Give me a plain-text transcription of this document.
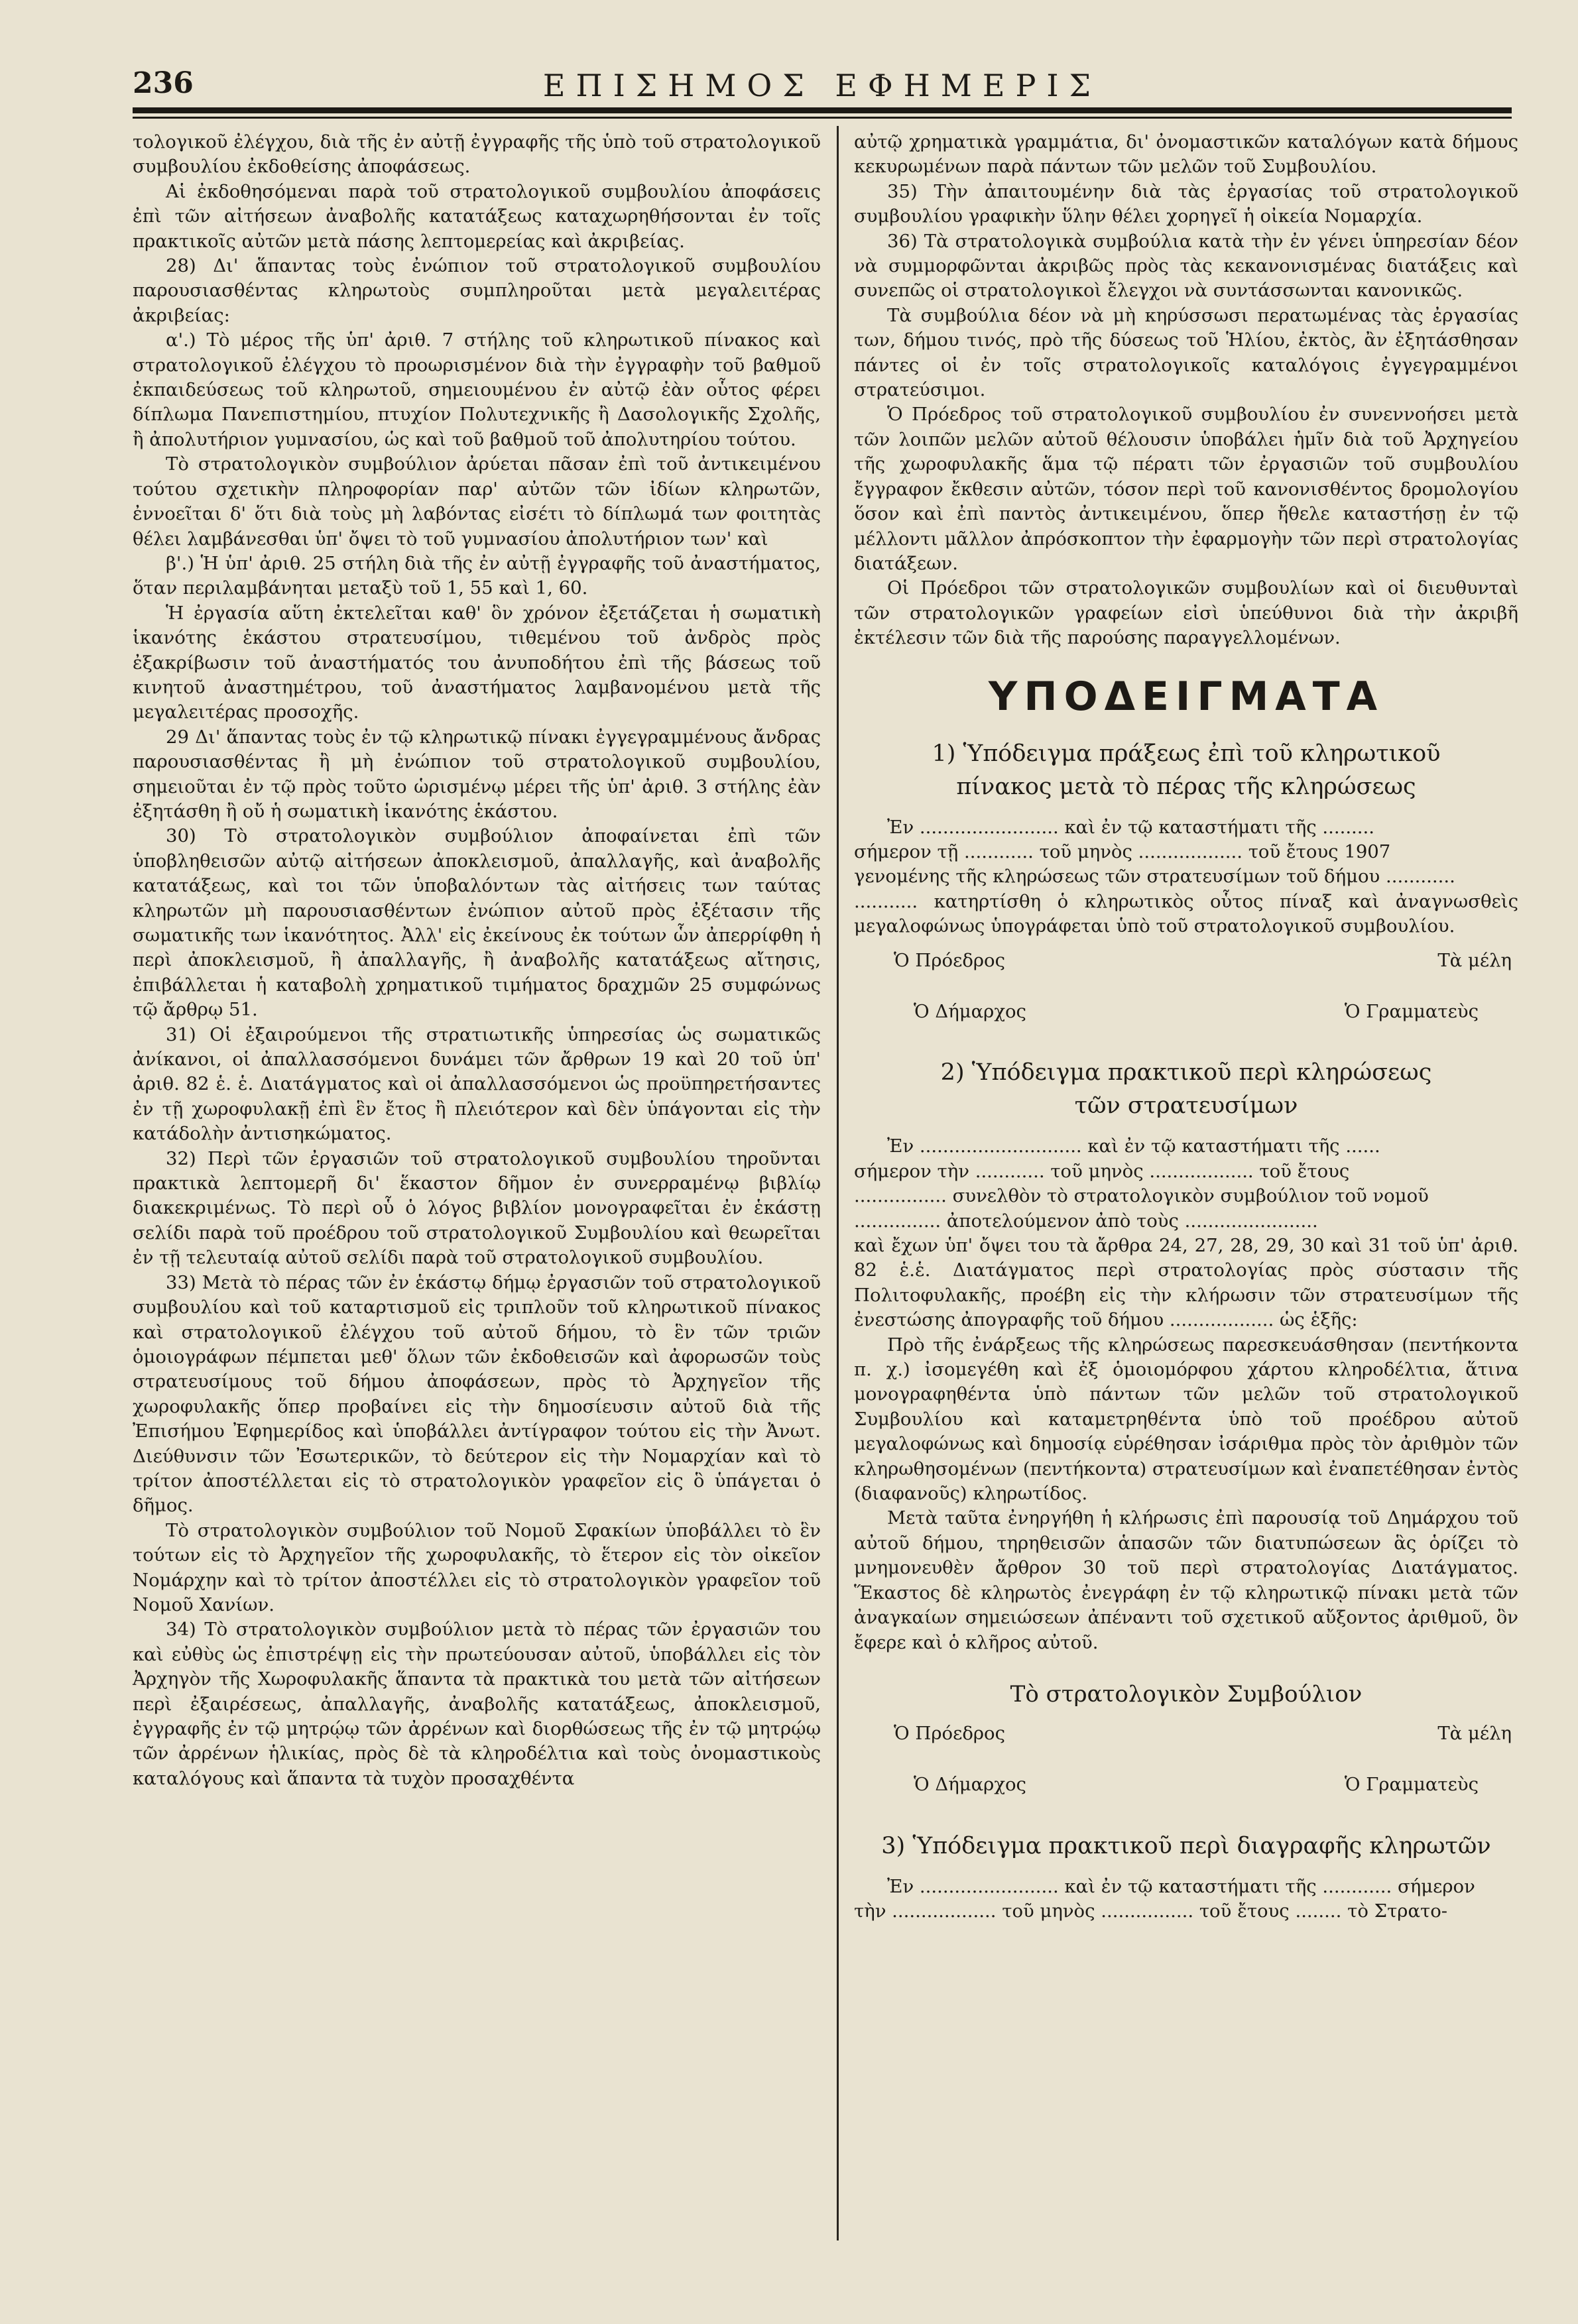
236	ΕΠΙΣΗΜΟΣ ΕΦΗΜΕΡΙΣ

τολογικοῦ ἐλέγχου, διὰ τῆς ἐν αὐτῇ ἐγγραφῆς τῆς ὑπὸ τοῦ στρατολογικοῦ συμβουλίου ἐκδοθείσης ἀποφάσεως.

Αἱ ἐκδοθησόμεναι παρὰ τοῦ στρατολογικοῦ συμβουλίου ἀποφάσεις ἐπὶ τῶν αἰτήσεων ἀναβολῆς κατατάξεως καταχωρηθήσονται ἐν τοῖς πρακτικοῖς αὐτῶν μετὰ πάσης λεπτομερείας καὶ ἀκριβείας.

28) Δι' ἅπαντας τοὺς ἐνώπιον τοῦ στρατολογικοῦ συμβουλίου παρουσιασθέντας κληρωτοὺς συμπληροῦται μετὰ μεγαλειτέρας ἀκριβείας:

α'.) Τὸ μέρος τῆς ὑπ' ἀριθ. 7 στήλης τοῦ κληρωτικοῦ πίνακος καὶ στρατολογικοῦ ἐλέγχου τὸ προωρισμένον διὰ τὴν ἐγγραφὴν τοῦ βαθμοῦ ἐκπαιδεύσεως τοῦ κληρωτοῦ, σημειουμένου ἐν αὐτῷ ἐὰν οὗτος φέρει δίπλωμα Πανεπιστημίου, πτυχίον Πολυτεχνικῆς ἢ Δασολογικῆς Σχολῆς, ἢ ἀπολυτήριον γυμνασίου, ὡς καὶ τοῦ βαθμοῦ τοῦ ἀπολυτηρίου τούτου.

Τὸ στρατολογικὸν συμβούλιον ἀρύεται πᾶσαν ἐπὶ τοῦ ἀντικειμένου τούτου σχετικὴν πληροφορίαν παρ' αὐτῶν τῶν ἰδίων κληρωτῶν, ἐννοεῖται δ' ὅτι διὰ τοὺς μὴ λαβόντας εἰσέτι τὸ δίπλωμά των φοιτητὰς θέλει λαμβάνεσθαι ὑπ' ὄψει τὸ τοῦ γυμνασίου ἀπολυτήριον των' καὶ

β'.) Ἡ ὑπ' ἀριθ. 25 στήλη διὰ τῆς ἐν αὐτῇ ἐγγραφῆς τοῦ ἀναστήματος, ὅταν περιλαμβάνηται μεταξὺ τοῦ 1, 55 καὶ 1, 60.

Ἡ ἐργασία αὕτη ἐκτελεῖται καθ' ὃν χρόνον ἐξετάζεται ἡ σωματικὴ ἱκανότης ἑκάστου στρατευσίμου, τιθεμένου τοῦ ἀνδρὸς πρὸς ἐξακρίβωσιν τοῦ ἀναστήματός του ἀνυποδήτου ἐπὶ τῆς βάσεως τοῦ κινητοῦ ἀναστημέτρου, τοῦ ἀναστήματος λαμβανομένου μετὰ τῆς μεγαλειτέρας προσοχῆς.

29 Δι' ἅπαντας τοὺς ἐν τῷ κληρωτικῷ πίνακι ἐγγεγραμμένους ἄνδρας παρουσιασθέντας ἢ μὴ ἐνώπιον τοῦ στρατολογικοῦ συμβουλίου, σημειοῦται ἐν τῷ πρὸς τοῦτο ὡρισμένῳ μέρει τῆς ὑπ' ἀριθ. 3 στήλης ἐὰν ἐξητάσθη ἢ οὔ ἡ σωματικὴ ἱκανότης ἑκάστου.

30) Τὸ στρατολογικὸν συμβούλιον ἀποφαίνεται ἐπὶ τῶν ὑποβληθεισῶν αὐτῷ αἰτήσεων ἀποκλεισμοῦ, ἀπαλλαγῆς, καὶ ἀναβολῆς κατατάξεως, καὶ τοι τῶν ὑποβαλόντων τὰς αἰτήσεις των ταύτας κληρωτῶν μὴ παρουσιασθέντων ἐνώπιον αὐτοῦ πρὸς ἐξέτασιν τῆς σωματικῆς των ἱκανότητος. Ἀλλ' εἰς ἐκείνους ἐκ τούτων ὧν ἀπερρίφθη ἡ περὶ ἀποκλεισμοῦ, ἢ ἀπαλλαγῆς, ἢ ἀναβολῆς κατατάξεως αἴτησις, ἐπιβάλλεται ἡ καταβολὴ χρηματικοῦ τιμήματος δραχμῶν 25 συμφώνως τῷ ἄρθρῳ 51.

31) Οἱ ἐξαιρούμενοι τῆς στρατιωτικῆς ὑπηρεσίας ὡς σωματικῶς ἀνίκανοι, οἱ ἀπαλλασσόμενοι δυνάμει τῶν ἄρθρων 19 καὶ 20 τοῦ ὑπ' ἀριθ. 82 ἑ. ἑ. Διατάγματος καὶ οἱ ἀπαλλασσόμενοι ὡς προϋπηρετήσαντες ἐν τῇ χωροφυλακῇ ἐπὶ ἓν ἔτος ἢ πλειότερον καὶ δὲν ὑπάγονται εἰς τὴν κατάδολὴν ἀντισηκώματος.

32) Περὶ τῶν ἐργασιῶν τοῦ στρατολογικοῦ συμβουλίου τηροῦνται πρακτικὰ λεπτομερῆ δι' ἕκαστον δῆμον ἐν συνερραμένῳ βιβλίῳ διακεκριμένως. Τὸ περὶ οὗ ὁ λόγος βιβλίον μονογραφεῖται ἐν ἑκάστῃ σελίδι παρὰ τοῦ προέδρου τοῦ στρατολογικοῦ Συμβουλίου καὶ θεωρεῖται ἐν τῇ τελευταίᾳ αὐτοῦ σελίδι παρὰ τοῦ στρατολογικοῦ συμβουλίου.

33) Μετὰ τὸ πέρας τῶν ἐν ἑκάστῳ δήμῳ ἐργασιῶν τοῦ στρατολογικοῦ συμβουλίου καὶ τοῦ καταρτισμοῦ εἰς τριπλοῦν τοῦ κληρωτικοῦ πίνακος καὶ στρατολογικοῦ ἐλέγχου τοῦ αὐτοῦ δήμου, τὸ ἓν τῶν τριῶν ὁμοιογράφων πέμπεται μεθ' ὅλων τῶν ἐκδοθεισῶν καὶ ἀφορωσῶν τοὺς στρατευσίμους τοῦ δήμου ἀποφάσεων, πρὸς τὸ Ἀρχηγεῖον τῆς χωροφυλακῆς ὅπερ προβαίνει εἰς τὴν δημοσίευσιν αὐτοῦ διὰ τῆς Ἐπισήμου Ἐφημερίδος καὶ ὑποβάλλει ἀντίγραφον τούτου εἰς τὴν Ἀνωτ. Διεύθυνσιν τῶν Ἐσωτερικῶν, τὸ δεύτερον εἰς τὴν Νομαρχίαν καὶ τὸ τρίτον ἀποστέλλεται εἰς τὸ στρατολογικὸν γραφεῖον εἰς ὃ ὑπάγεται ὁ δῆμος.

Τὸ στρατολογικὸν συμβούλιον τοῦ Νομοῦ Σφακίων ὑποβάλλει τὸ ἓν τούτων εἰς τὸ Ἀρχηγεῖον τῆς χωροφυλακῆς, τὸ ἕτερον εἰς τὸν οἰκεῖον Νομάρχην καὶ τὸ τρίτον ἀποστέλλει εἰς τὸ στρατολογικὸν γραφεῖον τοῦ Νομοῦ Χανίων.

34) Τὸ στρατολογικὸν συμβούλιον μετὰ τὸ πέρας τῶν ἐργασιῶν του καὶ εὐθὺς ὡς ἐπιστρέψῃ εἰς τὴν πρωτεύουσαν αὐτοῦ, ὑποβάλλει εἰς τὸν Ἀρχηγὸν τῆς Χωροφυλακῆς ἅπαντα τὰ πρακτικὰ του μετὰ τῶν αἰτήσεων περὶ ἐξαιρέσεως, ἀπαλλαγῆς, ἀναβολῆς κατατάξεως, ἀποκλεισμοῦ, ἐγγραφῆς ἐν τῷ μητρῴῳ τῶν ἀρρένων καὶ διορθώσεως τῆς ἐν τῷ μητρῴῳ τῶν ἀρρένων ἡλικίας, πρὸς δὲ τὰ κληροδέλτια καὶ τοὺς ὀνομαστικοὺς καταλόγους καὶ ἅπαντα τὰ τυχὸν προσαχθέντα

αὐτῷ χρηματικὰ γραμμάτια, δι' ὀνομαστικῶν καταλόγων κατὰ δήμους κεκυρωμένων παρὰ πάντων τῶν μελῶν τοῦ Συμβουλίου.

35) Τὴν ἀπαιτουμένην διὰ τὰς ἐργασίας τοῦ στρατολογικοῦ συμβουλίου γραφικὴν ὕλην θέλει χορηγεῖ ἡ οἰκεία Νομαρχία.

36) Τὰ στρατολογικὰ συμβούλια κατὰ τὴν ἐν γένει ὑπηρεσίαν δέον νὰ συμμορφῶνται ἀκριβῶς πρὸς τὰς κεκανονισμένας διατάξεις καὶ συνεπῶς οἱ στρατολογικοὶ ἔλεγχοι νὰ συντάσσωνται κανονικῶς.

Τὰ συμβούλια δέον νὰ μὴ κηρύσσωσι περατωμένας τὰς ἐργασίας των, δήμου τινός, πρὸ τῆς δύσεως τοῦ Ἡλίου, ἐκτὸς, ἂν ἐξητάσθησαν πάντες οἱ ἐν τοῖς στρατολογικοῖς καταλόγοις ἐγγεγραμμένοι στρατεύσιμοι.

Ὁ Πρόεδρος τοῦ στρατολογικοῦ συμβουλίου ἐν συνεννοήσει μετὰ τῶν λοιπῶν μελῶν αὐτοῦ θέλουσιν ὑποβάλει ἡμῖν διὰ τοῦ Ἀρχηγείου τῆς χωροφυλακῆς ἅμα τῷ πέρατι τῶν ἐργασιῶν τοῦ συμβουλίου ἔγγραφον ἔκθεσιν αὐτῶν, τόσον περὶ τοῦ κανονισθέντος δρομολογίου ὅσον καὶ ἐπὶ παντὸς ἀντικειμένου, ὅπερ ἤθελε καταστήσῃ ἐν τῷ μέλλοντι μᾶλλον ἀπρόσκοπτον τὴν ἐφαρμογὴν τῶν περὶ στρατολογίας διατάξεων.

Οἱ Πρόεδροι τῶν στρατολογικῶν συμβουλίων καὶ οἱ διευθυνταὶ τῶν στρατολογικῶν γραφείων εἰσὶ ὑπεύθυνοι διὰ τὴν ἀκριβῆ ἐκτέλεσιν τῶν διὰ τῆς παρούσης παραγγελλομένων.

ΥΠΟΔΕΙΓΜΑΤΑ
1) Ὑπόδειγμα πράξεως ἐπὶ τοῦ κληρωτικοῦ
πίνακος μετὰ τὸ πέρας τῆς κληρώσεως

Ἐν ........................ καὶ ἐν τῷ καταστήματι τῆς .........

σήμερον τῇ ............ τοῦ μηνὸς .................. τοῦ ἔτους 1907

γενομένης τῆς κληρώσεως τῶν στρατευσίμων τοῦ δήμου ............

........... κατηρτίσθη ὁ κληρωτικὸς οὗτος πίναξ καὶ ἀναγνωσθεὶς μεγαλοφώνως ὑπογράφεται ὑπὸ τοῦ στρατολογικοῦ συμβουλίου.

Ὁ Πρόεδρος	Τὰ μέλη
Ὁ Δήμαρχος	Ὁ Γραμματεὺς
2) Ὑπόδειγμα πρακτικοῦ περὶ κληρώσεως
τῶν στρατευσίμων

Ἐν ............................ καὶ ἐν τῷ καταστήματι τῆς ......

σήμερον τὴν ............ τοῦ μηνὸς .................. τοῦ ἔτους

................ συνελθὸν τὸ στρατολογικὸν συμβούλιον τοῦ νομοῦ

............... ἀποτελούμενον ἀπὸ τοὺς .......................

καὶ ἔχων ὑπ' ὄψει του τὰ ἄρθρα 24, 27, 28, 29, 30 καὶ 31 τοῦ ὑπ' ἀριθ. 82 ἑ.ἑ. Διατάγματος περὶ στρατολογίας πρὸς σύστασιν τῆς Πολιτοφυλακῆς, προέβη εἰς τὴν κλήρωσιν τῶν στρατευσίμων τῆς ἐνεστώσης ἀπογραφῆς τοῦ δήμου .................. ὡς ἑξῆς:

Πρὸ τῆς ἐνάρξεως τῆς κληρώσεως παρεσκευάσθησαν (πεντήκοντα π. χ.) ἰσομεγέθη καὶ ἐξ ὁμοιομόρφου χάρτου κληροδέλτια, ἅτινα μονογραφηθέντα ὑπὸ πάντων τῶν μελῶν τοῦ στρατολογικοῦ Συμβουλίου καὶ καταμετρηθέντα ὑπὸ τοῦ προέδρου αὐτοῦ μεγαλοφώνως καὶ δημοσίᾳ εὑρέθησαν ἰσάριθμα πρὸς τὸν ἀριθμὸν τῶν κληρωθησομένων (πεντήκοντα) στρατευσίμων καὶ ἐναπετέθησαν ἐντὸς (διαφανοῦς) κληρωτίδος.

Μετὰ ταῦτα ἐνηργήθη ἡ κλήρωσις ἐπὶ παρουσίᾳ τοῦ Δημάρχου τοῦ αὐτοῦ δήμου, τηρηθεισῶν ἁπασῶν τῶν διατυπώσεων ἃς ὁρίζει τὸ μνημονευθὲν ἄρθρον 30 τοῦ περὶ στρατολογίας Διατάγματος. Ἕκαστος δὲ κληρωτὸς ἐνεγράφη ἐν τῷ κληρωτικῷ πίνακι μετὰ τῶν ἀναγκαίων σημειώσεων ἀπέναντι τοῦ σχετικοῦ αὔξοντος ἀριθμοῦ, ὃν ἔφερε καὶ ὁ κλῆρος αὐτοῦ.

Τὸ στρατολογικὸν Συμβούλιον
Ὁ Πρόεδρος	Τὰ μέλη
Ὁ Δήμαρχος	Ὁ Γραμματεὺς
3) Ὑπόδειγμα πρακτικοῦ περὶ διαγραφῆς κληρωτῶν

Ἐν ........................ καὶ ἐν τῷ καταστήματι τῆς ............ σήμερον

τὴν .................. τοῦ μηνὸς ................ τοῦ ἔτους ........ τὸ Στρατο-
